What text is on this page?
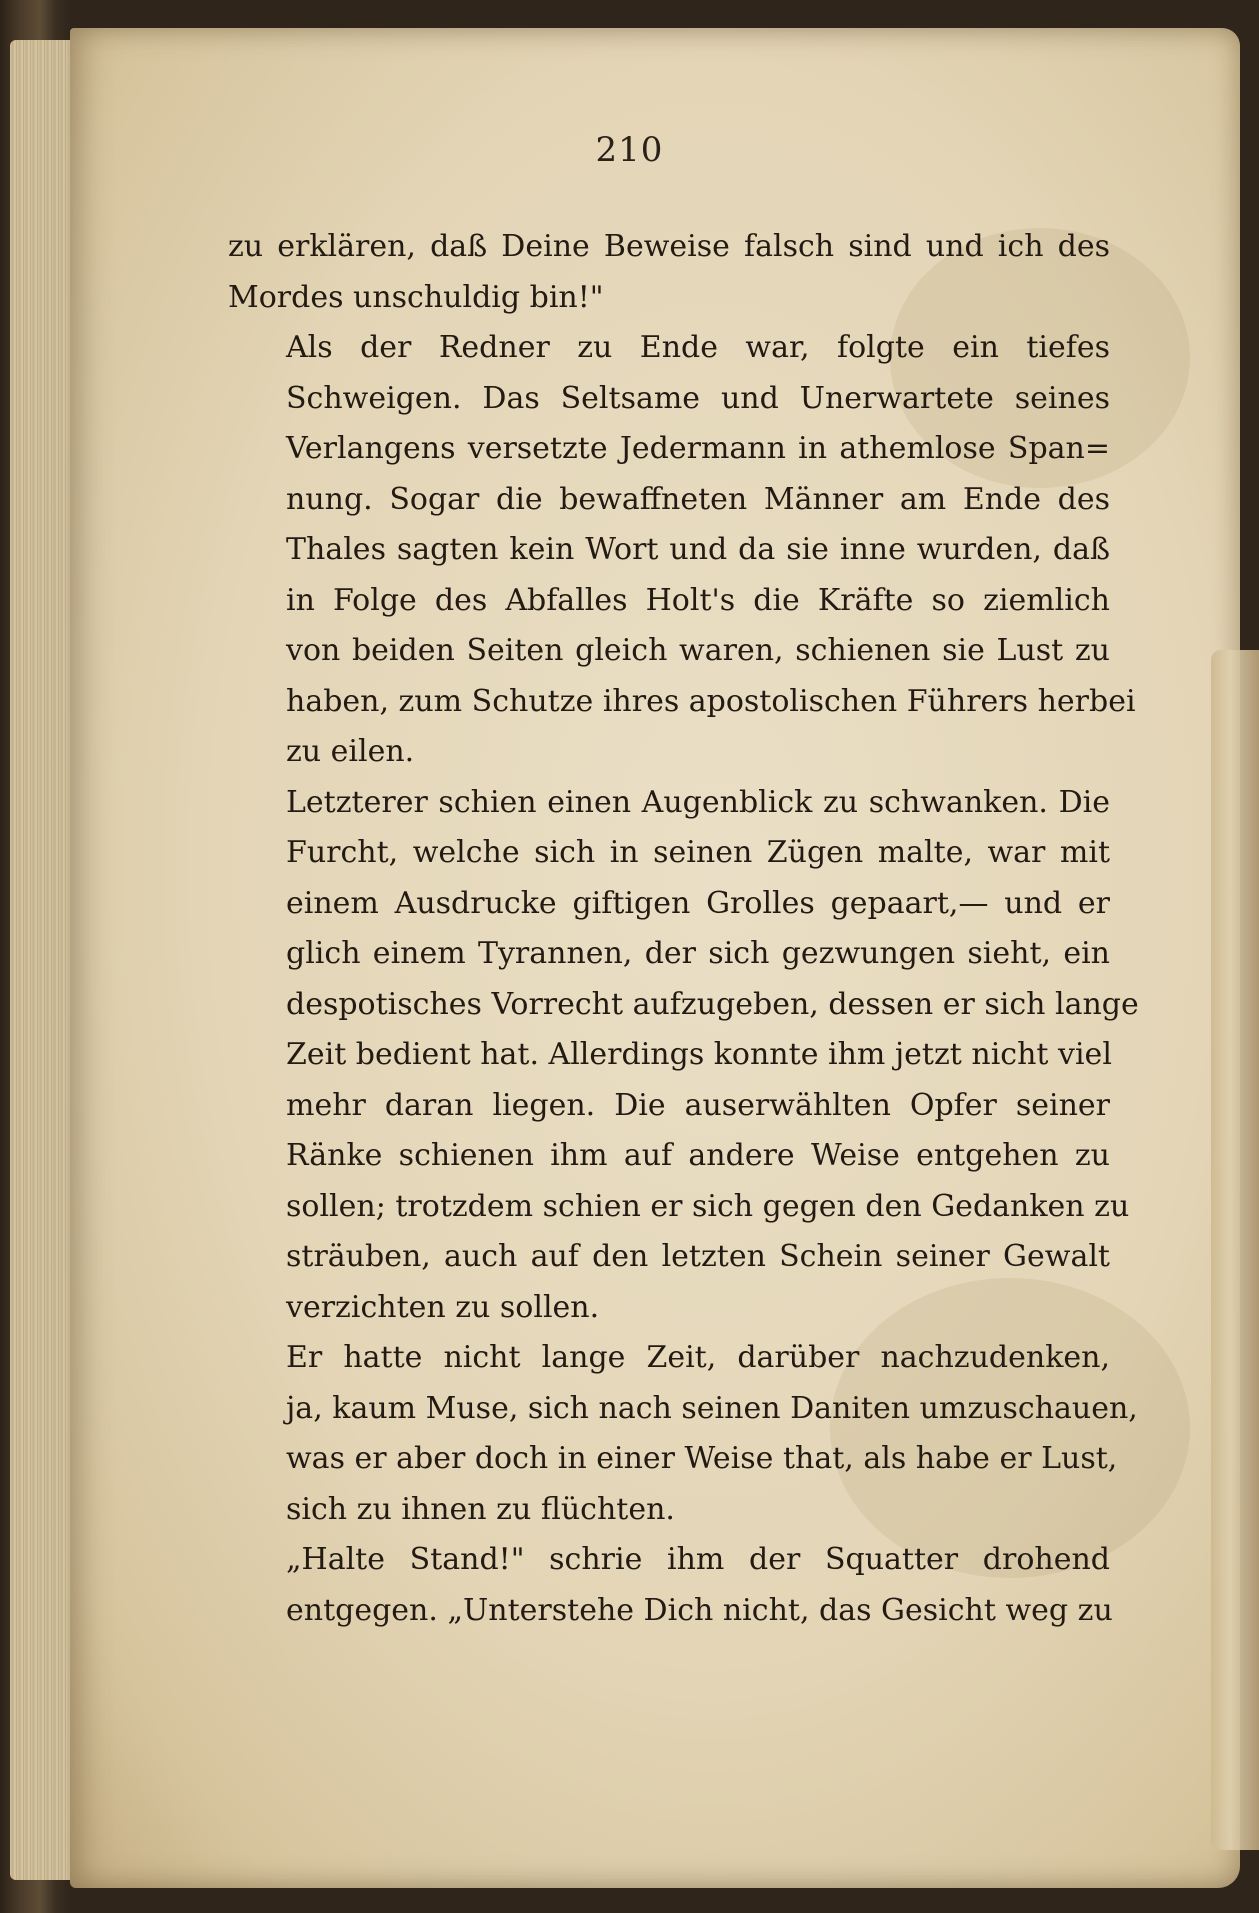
210

zu erklären, daß Deine Beweise falsch sind und ich des
Mordes unschuldig bin!"

Als der Redner zu Ende war, folgte ein tiefes
Schweigen. Das Seltsame und Unerwartete seines
Verlangens versetzte Jedermann in athemlose Span=
nung. Sogar die bewaffneten Männer am Ende des
Thales sagten kein Wort und da sie inne wurden, daß
in Folge des Abfalles Holt's die Kräfte so ziemlich
von beiden Seiten gleich waren, schienen sie Lust zu
haben, zum Schutze ihres apostolischen Führers herbei
zu eilen.

Letzterer schien einen Augenblick zu schwanken. Die
Furcht, welche sich in seinen Zügen malte, war mit
einem Ausdrucke giftigen Grolles gepaart,— und er
glich einem Tyrannen, der sich gezwungen sieht, ein
despotisches Vorrecht aufzugeben, dessen er sich lange
Zeit bedient hat. Allerdings konnte ihm jetzt nicht viel
mehr daran liegen. Die auserwählten Opfer seiner
Ränke schienen ihm auf andere Weise entgehen zu
sollen; trotzdem schien er sich gegen den Gedanken zu
sträuben, auch auf den letzten Schein seiner Gewalt
verzichten zu sollen.

Er hatte nicht lange Zeit, darüber nachzudenken,
ja, kaum Muse, sich nach seinen Daniten umzuschauen,
was er aber doch in einer Weise that, als habe er Lust,
sich zu ihnen zu flüchten.

„Halte Stand!" schrie ihm der Squatter drohend
entgegen. „Unterstehe Dich nicht, das Gesicht weg zu
